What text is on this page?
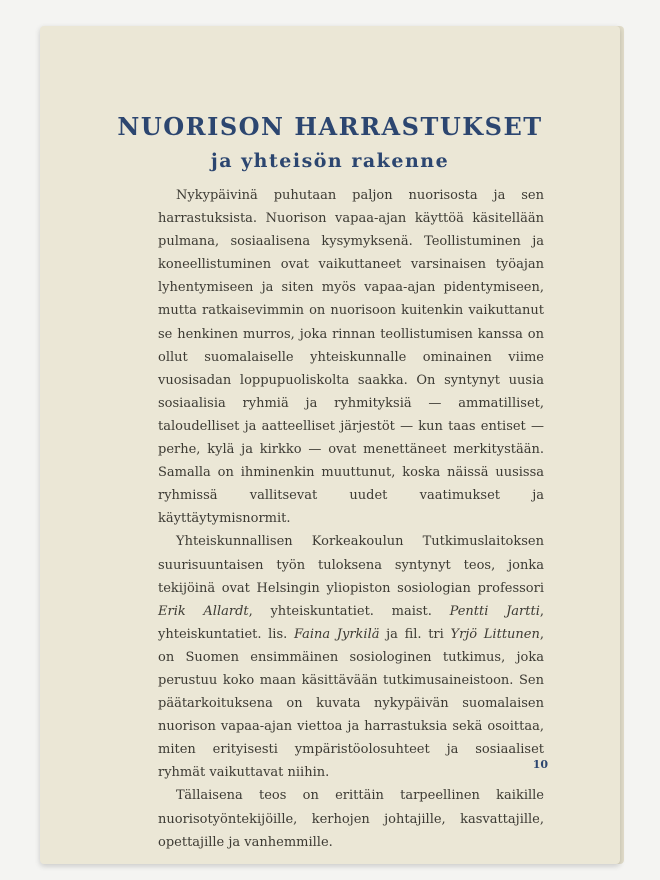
NUORISON HARRASTUKSET
ja yhteisön rakenne

Nykypäivinä puhutaan paljon nuorisosta ja sen harrastuksista. Nuorison vapaa-ajan käyttöä käsitellään pulmana, sosiaalisena kysymyksenä. Teollistuminen ja koneellistuminen ovat vaikuttaneet varsinaisen työajan lyhentymiseen ja siten myös vapaa-ajan pidentymiseen, mutta ratkaisevimmin on nuorisoon kuitenkin vaikuttanut se henkinen murros, joka rinnan teollistumisen kanssa on ollut suomalaiselle yhteiskunnalle ominainen viime vuosisadan loppupuoliskolta saakka. On syntynyt uusia sosiaalisia ryhmiä ja ryhmityksiä — ammatilliset, taloudelliset ja aatteelliset järjestöt — kun taas entiset — perhe, kylä ja kirkko — ovat menettäneet merkitystään. Samalla on ihminenkin muuttunut, koska näissä uusissa ryhmissä vallitsevat uudet vaatimukset ja käyttäytymisnormit.

Yhteiskunnallisen Korkeakoulun Tutkimuslaitoksen suurisuuntaisen työn tuloksena syntynyt teos, jonka tekijöinä ovat Helsingin yliopiston sosiologian professori Erik Allardt, yhteiskuntatiet. maist. Pentti Jartti, yhteiskuntatiet. lis. Faina Jyrkilä ja fil. tri Yrjö Littunen, on Suomen ensimmäinen sosiologinen tutkimus, joka perustuu koko maan käsittävään tutkimusaineistoon. Sen päätarkoituksena on kuvata nykypäivän suomalaisen nuorison vapaa-ajan viettoa ja harrastuksia sekä osoittaa, miten erityisesti ympäristöolosuhteet ja sosiaaliset ryhmät vaikuttavat niihin.

Tällaisena teos on erittäin tarpeellinen kaikille nuorisotyöntekijöille, kerhojen johtajille, kasvattajille, opettajille ja vanhemmille.

10
